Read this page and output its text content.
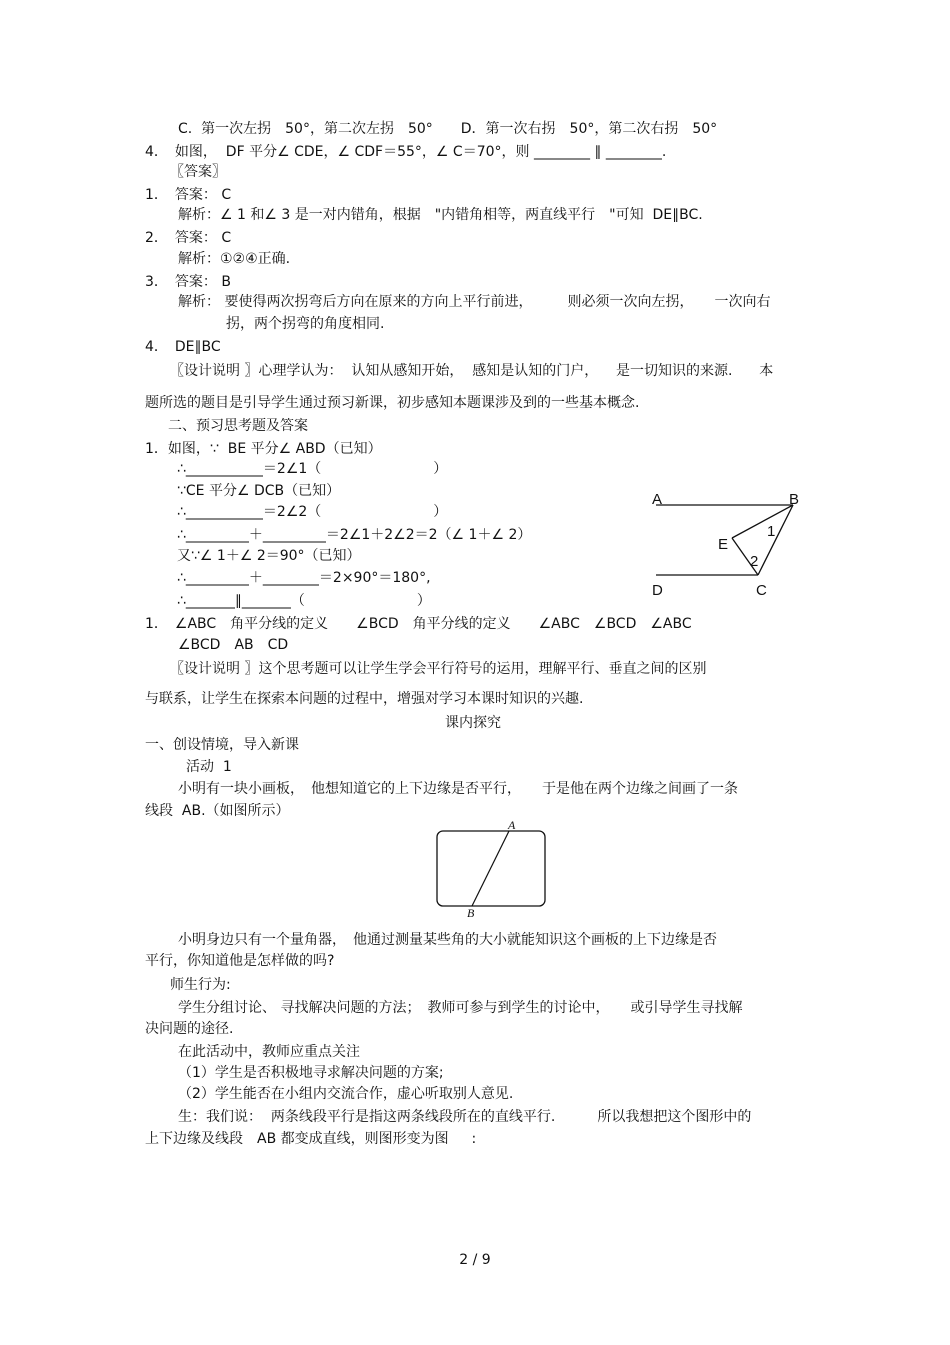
C.  第一次左拐　50°，第二次左拐　50°　　D．第一次右拐　50°，第二次右拐　50°
4．　如图，  DF 平分∠ CDE，∠ CDF＝55°，∠ C＝70°，则 ________ ∥ ________.
〖答案〗
1．　答案： C
解析：∠ 1 和∠ 3 是一对内错角，根据　"内错角相等，两直线平行　"可知  DE∥BC.
2．　答案： C
解析：①②④正确.
3．　答案： B
解析： 要使得两次拐弯后方向在原来的方向上平行前进，　　　则必须一次向左拐，　　一次向右
拐，两个拐弯的角度相同.
4．　DE∥BC
〖设计说明 〗心理学认为：  认知从感知开始，  感知是认知的门户，    是一切知识的来源.      本
题所选的题目是引导学生通过预习新课，初步感知本题课涉及到的一些基本概念.
二、预习思考题及答案
1．如图，∵  BE 平分∠ ABD（已知）
∴___________＝2∠1（　　　　　　　　）
∵CE 平分∠ DCB（已知）
∴___________＝2∠2（　　　　　　　　）
∴_________＋_________＝2∠1＋2∠2＝2（∠ 1＋∠ 2）
又∵∠ 1＋∠ 2＝90°（已知）
∴_________＋________＝2×90°＝180°,
∴_______∥_______（　　　　　　　　）
1．　∠ABC　角平分线的定义　　∠BCD　角平分线的定义　　∠ABC　∠BCD　∠ABC
∠BCD　AB　CD
〖设计说明 〗这个思考题可以让学生学会平行符号的运用，理解平行、垂直之间的区别
与联系，让学生在探索本问题的过程中，增强对学习本课时知识的兴趣.
课内探究
一、创设情境，导入新课
活动  1
小明有一块小画板，　他想知道它的上下边缘是否平行，　　于是他在两个边缘之间画了一条
线段  AB.（如图所示）
小明身边只有一个量角器，　他通过测量某些角的大小就能知识这个画板的上下边缘是否
平行，你知道他是怎样做的吗?
师生行为:
学生分组讨论、 寻找解决问题的方法；　教师可参与到学生的讨论中，　　或引导学生寻找解
决问题的途径.
在此活动中，教师应重点关注
（1）学生是否积极地寻求解决问题的方案;
（2）学生能否在小组内交流合作，虚心听取别人意见.
生：我们说：  两条线段平行是指这两条线段所在的直线平行.　　　所以我想把这个图形中的
上下边缘及线段　AB 都变成直线，则图形变为图　  :
A	B
E
1
2
D	C
A
B
2 / 9
